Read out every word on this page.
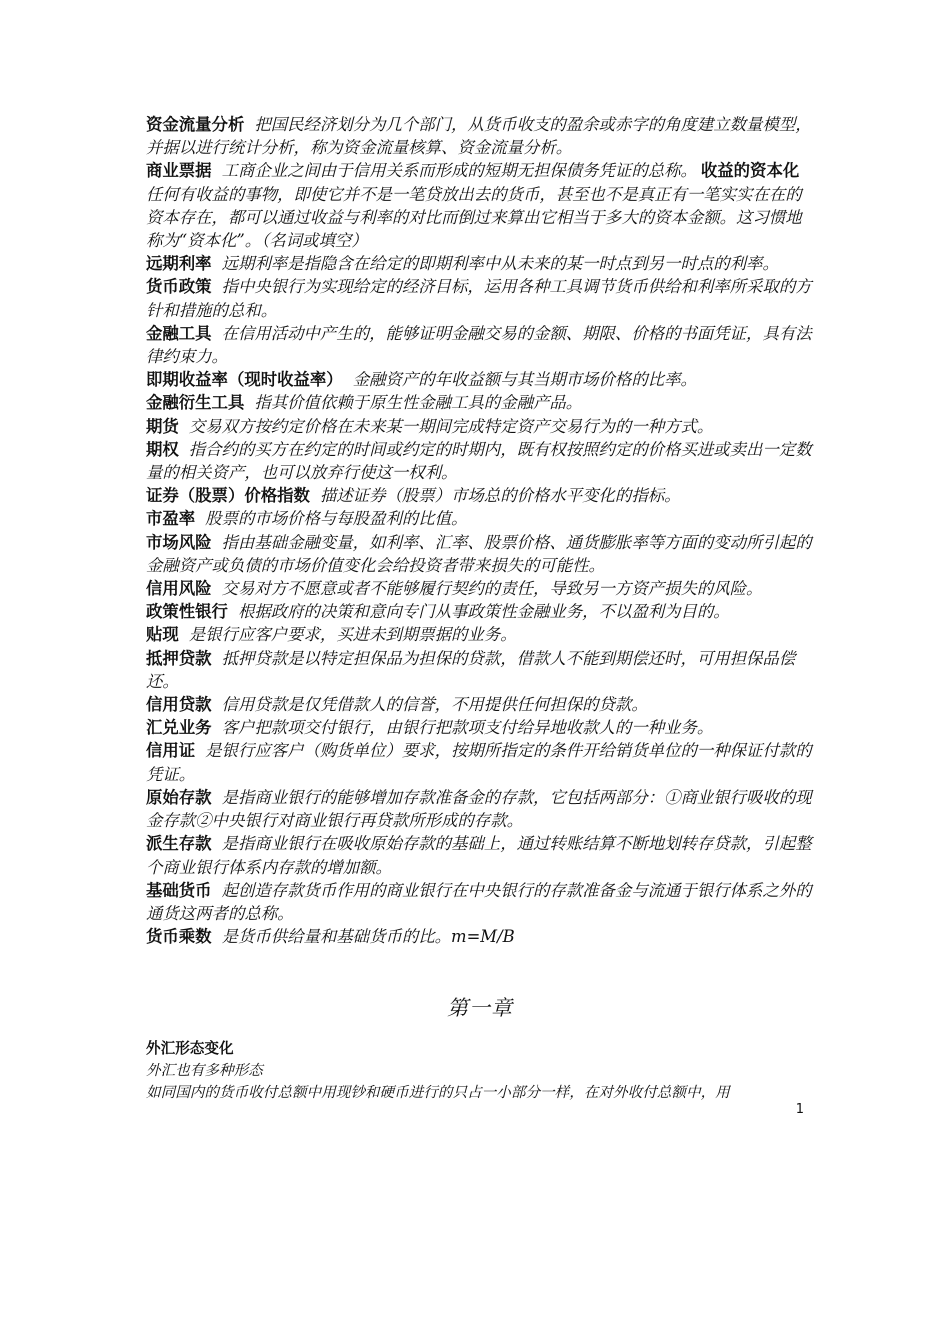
资金流量分析 把国民经济划分为几个部门，从货币收支的盈余或赤字的角度建立数量模型，并据以进行统计分析，称为资金流量核算、资金流量分析。

商业票据 工商企业之间由于信用关系而形成的短期无担保债务凭证的总称。 收益的资本化任何有收益的事物，即使它并不是一笔贷放出去的货币，甚至也不是真正有一笔实实在在的资本存在，都可以通过收益与利率的对比而倒过来算出它相当于多大的资本金额。这习惯地称为“资本化”。（名词或填空）

远期利率 远期利率是指隐含在给定的即期利率中从未来的某一时点到另一时点的利率。

货币政策 指中央银行为实现给定的经济目标，运用各种工具调节货币供给和利率所采取的方针和措施的总和。

金融工具 在信用活动中产生的，能够证明金融交易的金额、期限、价格的书面凭证，具有法律约束力。

即期收益率（现时收益率） 金融资产的年收益额与其当期市场价格的比率。

金融衍生工具 指其价值依赖于原生性金融工具的金融产品。

期货 交易双方按约定价格在未来某一期间完成特定资产交易行为的一种方式。

期权 指合约的买方在约定的时间或约定的时期内，既有权按照约定的价格买进或卖出一定数量的相关资产，也可以放弃行使这一权利。

证券（股票）价格指数 描述证券（股票）市场总的价格水平变化的指标。

市盈率 股票的市场价格与每股盈利的比值。

市场风险 指由基础金融变量，如利率、汇率、股票价格、通货膨胀率等方面的变动所引起的金融资产或负债的市场价值变化会给投资者带来损失的可能性。

信用风险 交易对方不愿意或者不能够履行契约的责任，导致另一方资产损失的风险。

政策性银行 根据政府的决策和意向专门从事政策性金融业务，不以盈利为目的。

贴现 是银行应客户要求，买进未到期票据的业务。

抵押贷款 抵押贷款是以特定担保品为担保的贷款，借款人不能到期偿还时，可用担保品偿还。

信用贷款 信用贷款是仅凭借款人的信誉，不用提供任何担保的贷款。

汇兑业务 客户把款项交付银行，由银行把款项支付给异地收款人的一种业务。

信用证 是银行应客户（购货单位）要求，按期所指定的条件开给销货单位的一种保证付款的凭证。

原始存款 是指商业银行的能够增加存款准备金的存款，它包括两部分：①商业银行吸收的现金存款②中央银行对商业银行再贷款所形成的存款。

派生存款 是指商业银行在吸收原始存款的基础上，通过转账结算不断地划转存贷款，引起整个商业银行体系内存款的增加额。

基础货币 起创造存款货币作用的商业银行在中央银行的存款准备金与流通于银行体系之外的通货这两者的总称。

货币乘数 是货币供给量和基础货币的比。m=M/B

第一章
外汇形态变化
外汇也有多种形态
如同国内的货币收付总额中用现钞和硬币进行的只占一小部分一样，在对外收付总额中，用
1
